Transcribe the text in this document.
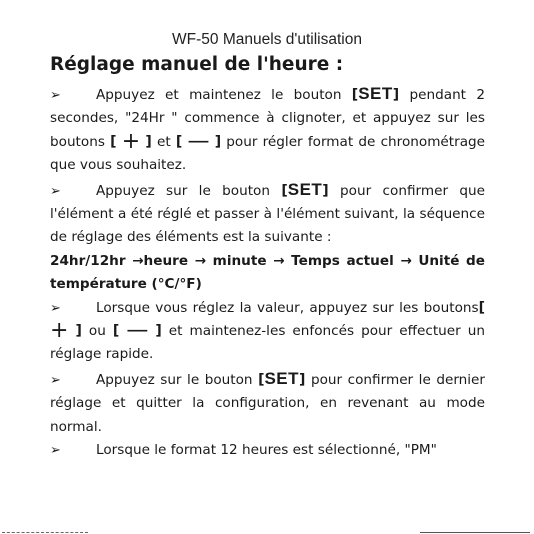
WF-50 Manuels d'utilisation
Réglage manuel de l'heure :

➢	Appuyez et maintenez le bouton [SET] pendant 2 secondes, "24Hr " commence à clignoter, et appuyez sur les boutons [ + ] et [ — ] pour régler format de chronométrage que vous souhaitez.

➢	Appuyez sur le bouton [SET] pour confirmer que l'élément a été réglé et passer à l'élément suivant, la séquence de réglage des éléments est la suivante :

24hr/12hr →heure → minute → Temps actuel → Unité de température (°C/°F)

➢	Lorsque vous réglez la valeur, appuyez sur les boutons[ + ] ou [ — ] et maintenez-les enfoncés pour effectuer un réglage rapide.

➢	Appuyez sur le bouton [SET] pour confirmer le dernier réglage et quitter la configuration, en revenant au mode normal.

➢	Lorsque le format 12 heures est sélectionné, "PM"
